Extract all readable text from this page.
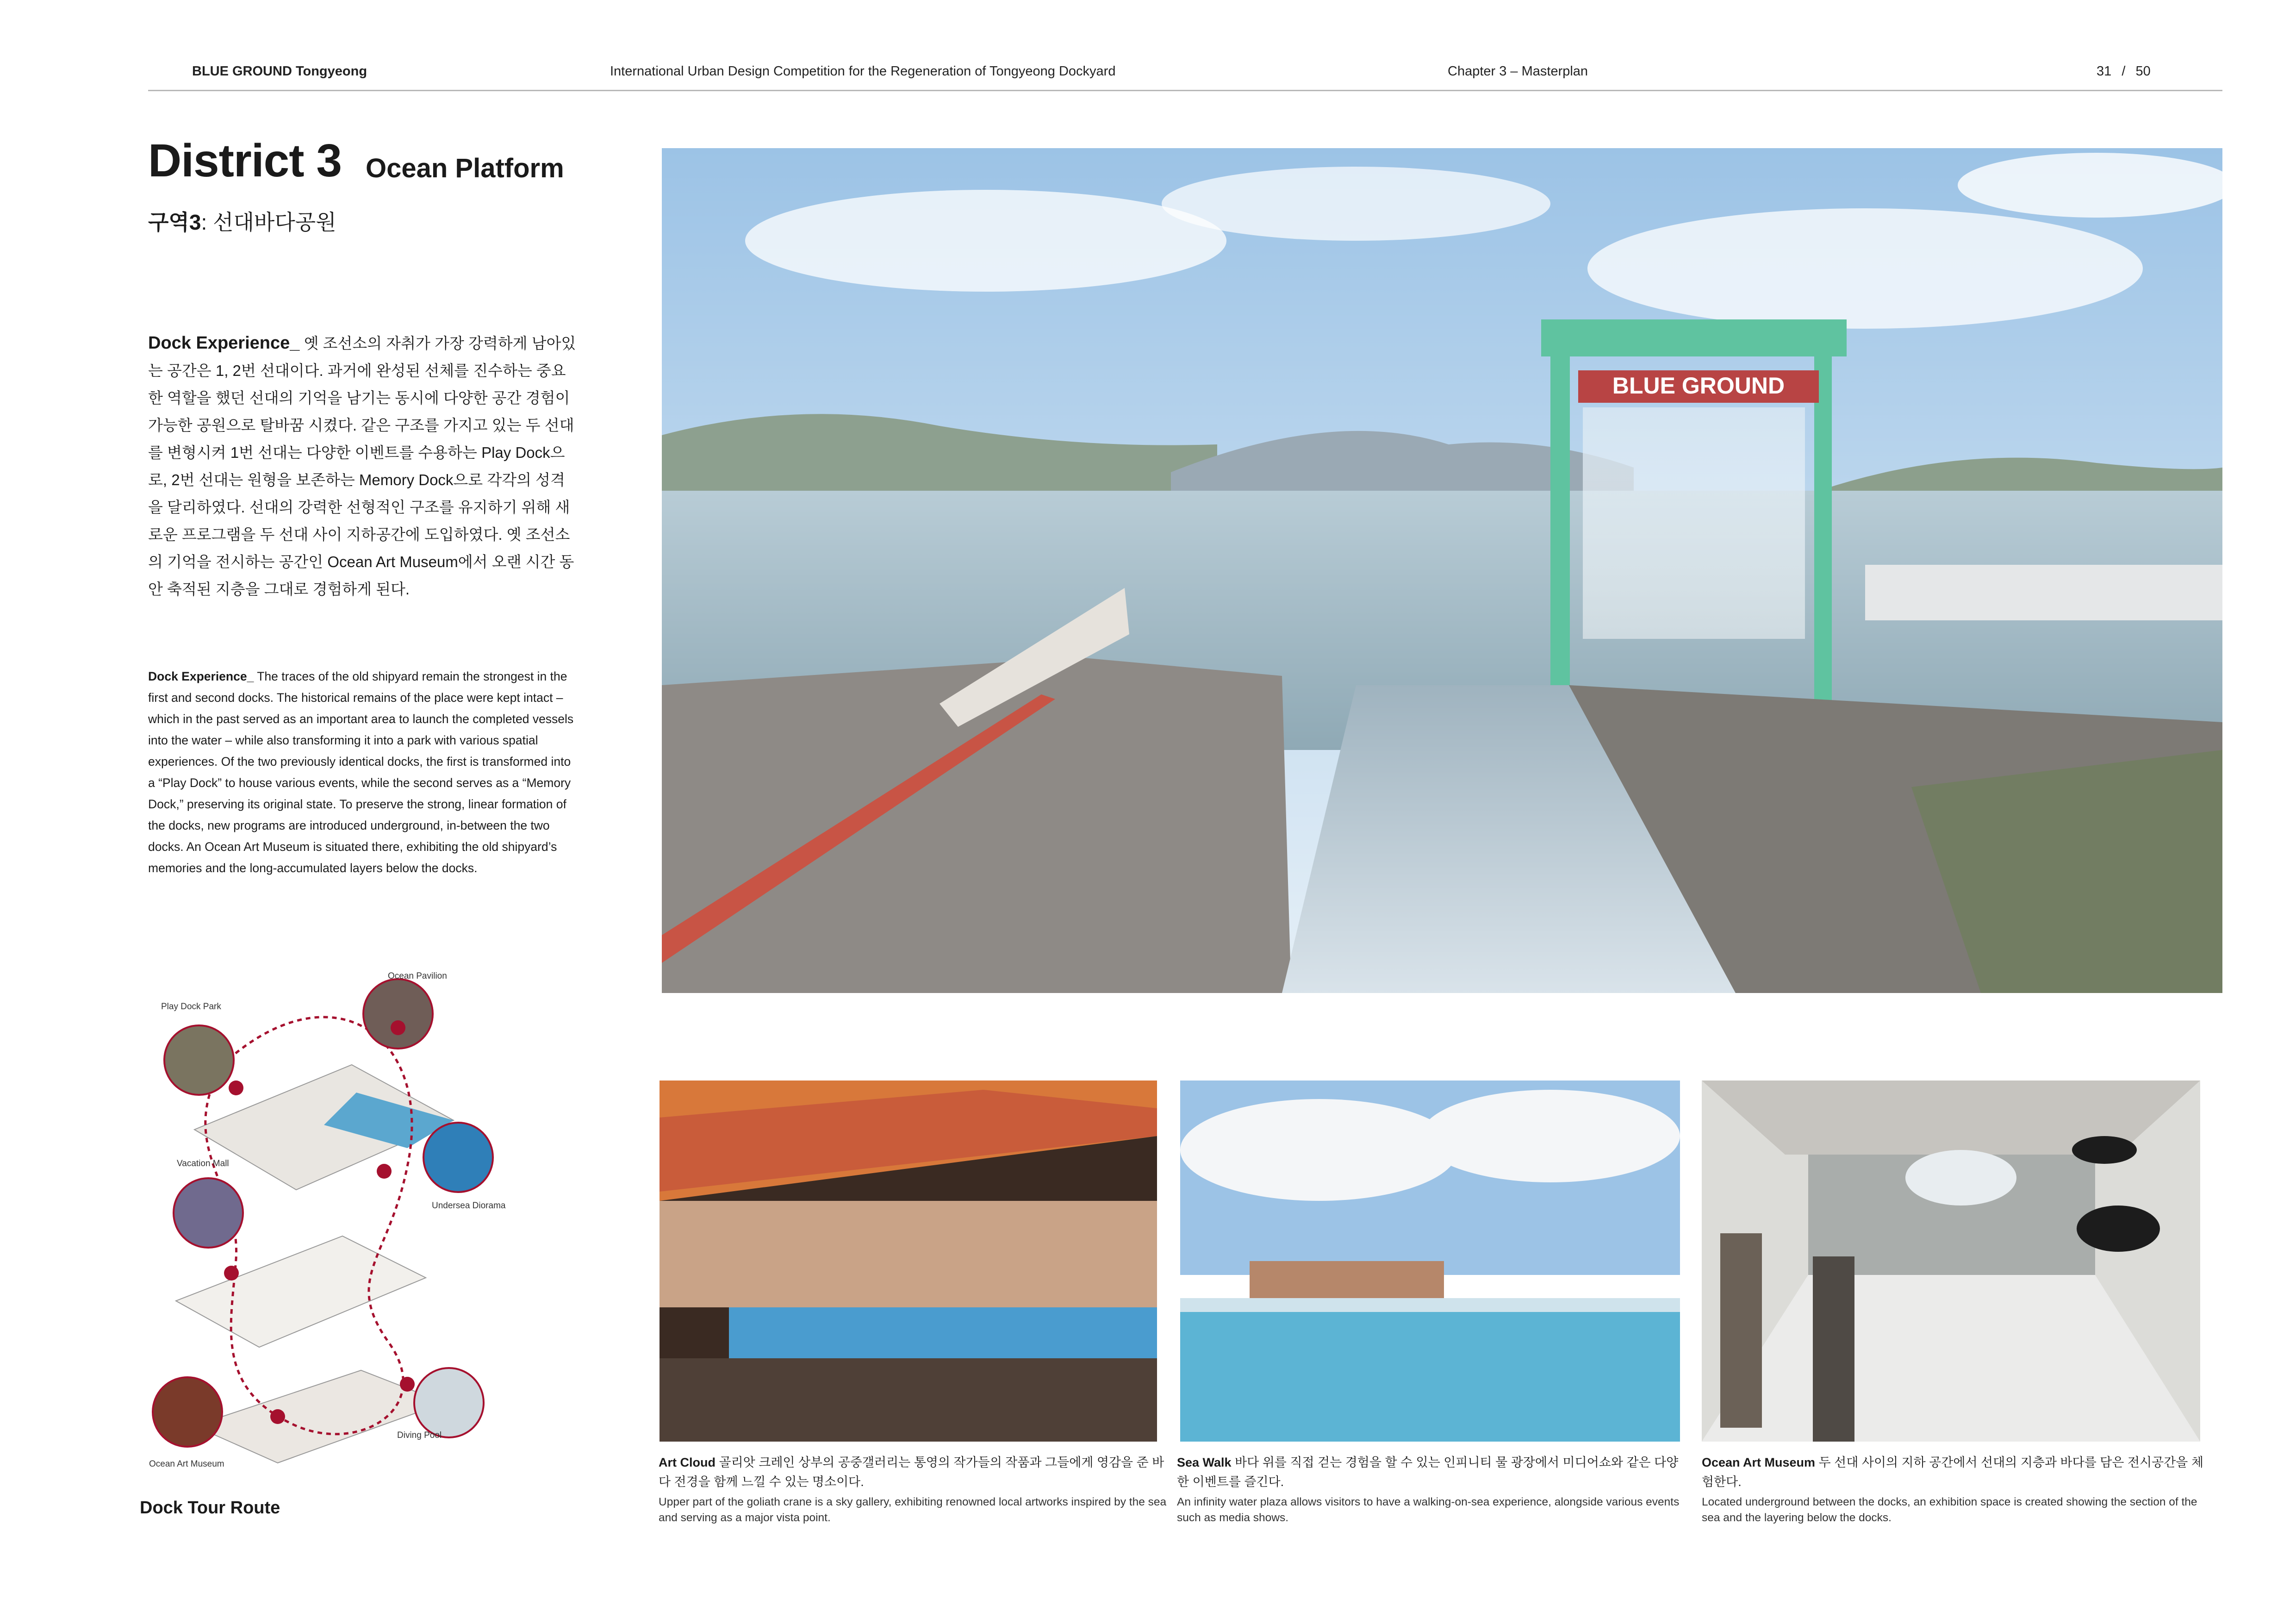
BLUE GROUND Tongyeong	International Urban Design Competition for the Regeneration of Tongyeong Dockyard	Chapter 3 – Masterplan	31 / 50
District 3 Ocean Platform
구역3: 선대바다공원
Dock Experience_ 옛 조선소의 자취가 가장 강력하게 남아있는 공간은 1, 2번 선대이다. 과거에 완성된 선체를 진수하는 중요한 역할을 했던 선대의 기억을 남기는 동시에 다양한 공간 경험이 가능한 공원으로 탈바꿈 시켰다. 같은 구조를 가지고 있는 두 선대를 변형시켜 1번 선대는 다양한 이벤트를 수용하는 Play Dock으로, 2번 선대는 원형을 보존하는 Memory Dock으로 각각의 성격을 달리하였다. 선대의 강력한 선형적인 구조를 유지하기 위해 새로운 프로그램을 두 선대 사이 지하공간에 도입하였다. 옛 조선소의 기억을 전시하는 공간인 Ocean Art Museum에서 오랜 시간 동안 축적된 지층을 그대로 경험하게 된다.
Dock Experience_ The traces of the old shipyard remain the strongest in the first and second docks. The historical remains of the place were kept intact –which in the past served as an important area to launch the completed vessels into the water – while also transforming it into a park with various spatial experiences. Of the two previously identical docks, the first is transformed into a “Play Dock” to house various events, while the second serves as a “Memory Dock,” preserving its original state. To preserve the strong, linear formation of the docks, new programs are introduced underground, in-between the two docks. An Ocean Art Museum is situated there, exhibiting the old shipyard’s memories and the long-accumulated layers below the docks.
BLUE GROUND
Ocean Pavilion
Play Dock Park
Vacation Mall
Undersea Diorama
Diving Pool
Ocean Art Museum
Dock Tour Route
Art Cloud 골리앗 크레인 상부의 공중갤러리는 통영의 작가들의 작품과 그들에게 영감을 준 바다 전경을 함께 느낄 수 있는 명소이다.
Upper part of the goliath crane is a sky gallery, exhibiting renowned local artworks inspired by the sea and serving as a major vista point.
Sea Walk 바다 위를 직접 걷는 경험을 할 수 있는 인피니티 물 광장에서 미디어쇼와 같은 다양한 이벤트를 즐긴다.
An infinity water plaza allows visitors to have a walking-on-sea experience, alongside various events such as media shows.
Ocean Art Museum 두 선대 사이의 지하 공간에서 선대의 지층과 바다를 담은 전시공간을 체험한다.
Located underground between the docks, an exhibition space is created showing the section of the sea and the layering below the docks.
